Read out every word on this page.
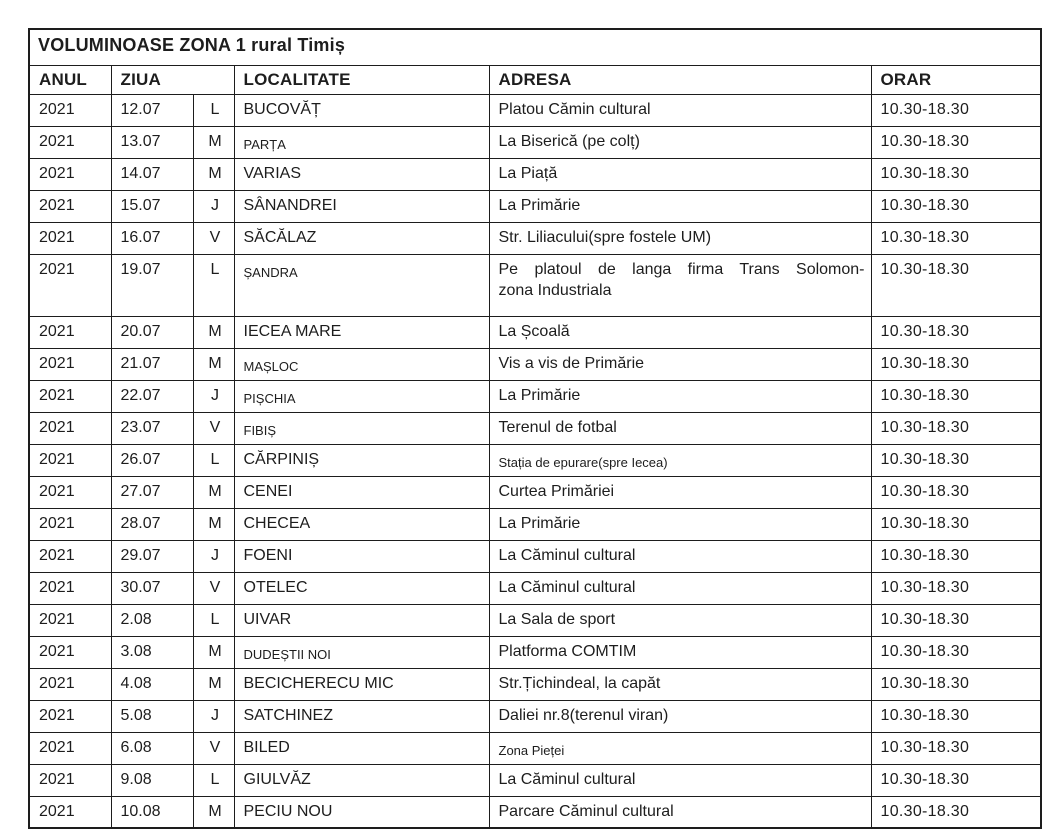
VOLUMINOASE ZONA 1 rural Timiș					
ANUL	ZIUA		LOCALITATE	ADRESA	ORAR
2021	12.07	L	BUCOVĂȚ	Platou Cămin cultural	10.30-18.30
2021	13.07	M	PARȚA	La Biserică (pe colț)	10.30-18.30
2021	14.07	M	VARIAS	La Piață	10.30-18.30
2021	15.07	J	SÂNANDREI	La Primărie	10.30-18.30
2021	16.07	V	SĂCĂLAZ	Str. Liliacului(spre fostele UM)	10.30-18.30
2021	19.07	L	ȘANDRA	Pe platoul de langa firma Trans Solomon-
zona Industriala	10.30-18.30
2021	20.07	M	IECEA MARE	La Școală	10.30-18.30
2021	21.07	M	MAȘLOC	Vis a vis de Primărie	10.30-18.30
2021	22.07	J	PIȘCHIA	La Primărie	10.30-18.30
2021	23.07	V	FIBIȘ	Terenul de fotbal	10.30-18.30
2021	26.07	L	CĂRPINIȘ	Stația de epurare(spre Iecea)	10.30-18.30
2021	27.07	M	CENEI	Curtea Primăriei	10.30-18.30
2021	28.07	M	CHECEA	La Primărie	10.30-18.30
2021	29.07	J	FOENI	La Căminul cultural	10.30-18.30
2021	30.07	V	OTELEC	La Căminul cultural	10.30-18.30
2021	2.08	L	UIVAR	La Sala de sport	10.30-18.30
2021	3.08	M	DUDEȘTII NOI	Platforma COMTIM	10.30-18.30
2021	4.08	M	BECICHERECU MIC	Str.Țichindeal, la capăt	10.30-18.30
2021	5.08	J	SATCHINEZ	Daliei nr.8(terenul viran)	10.30-18.30
2021	6.08	V	BILED	Zona Pieței	10.30-18.30
2021	9.08	L	GIULVĂZ	La Căminul cultural	10.30-18.30
2021	10.08	M	PECIU NOU	Parcare Căminul cultural	10.30-18.30
